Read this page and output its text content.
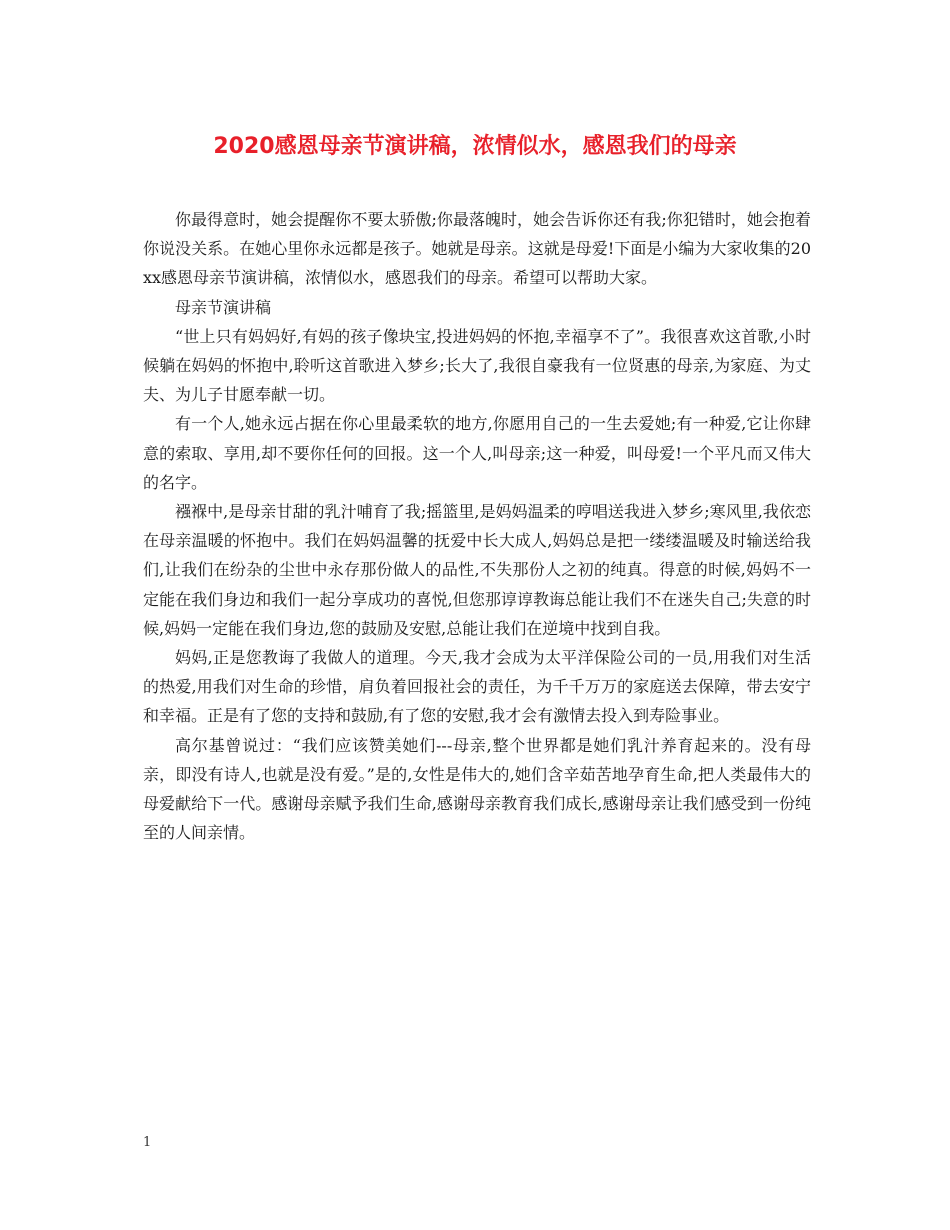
2020感恩母亲节演讲稿，浓情似水，感恩我们的母亲

你最得意时，她会提醒你不要太骄傲;你最落魄时，她会告诉你还有我;你犯错时，她会抱着你说没关系。在她心里你永远都是孩子。她就是母亲。这就是母爱!下面是小编为大家收集的20xx感恩母亲节演讲稿，浓情似水，感恩我们的母亲。希望可以帮助大家。

母亲节演讲稿

“世上只有妈妈好,有妈的孩子像块宝,投进妈妈的怀抱,幸福享不了”。我很喜欢这首歌,小时候躺在妈妈的怀抱中,聆听这首歌进入梦乡;长大了,我很自豪我有一位贤惠的母亲,为家庭、为丈夫、为儿子甘愿奉献一切。

有一个人,她永远占据在你心里最柔软的地方,你愿用自己的一生去爱她;有一种爱,它让你肆意的索取、享用,却不要你任何的回报。这一个人,叫母亲;这一种爱，叫母爱!一个平凡而又伟大的名字。

襁褓中,是母亲甘甜的乳汁哺育了我;摇篮里,是妈妈温柔的哼唱送我进入梦乡;寒风里,我依恋在母亲温暖的怀抱中。我们在妈妈温馨的抚爱中长大成人,妈妈总是把一缕缕温暖及时输送给我们,让我们在纷杂的尘世中永存那份做人的品性,不失那份人之初的纯真。得意的时候,妈妈不一定能在我们身边和我们一起分享成功的喜悦,但您那谆谆教诲总能让我们不在迷失自己;失意的时候,妈妈一定能在我们身边,您的鼓励及安慰,总能让我们在逆境中找到自我。

妈妈,正是您教诲了我做人的道理。今天,我才会成为太平洋保险公司的一员,用我们对生活的热爱,用我们对生命的珍惜，肩负着回报社会的责任，为千千万万的家庭送去保障，带去安宁和幸福。正是有了您的支持和鼓励,有了您的安慰,我才会有激情去投入到寿险事业。

高尔基曾说过：“我们应该赞美她们---母亲,整个世界都是她们乳汁养育起来的。没有母亲，即没有诗人,也就是没有爱。”是的,女性是伟大的,她们含辛茹苦地孕育生命,把人类最伟大的母爱献给下一代。感谢母亲赋予我们生命,感谢母亲教育我们成长,感谢母亲让我们感受到一份纯至的人间亲情。

1
